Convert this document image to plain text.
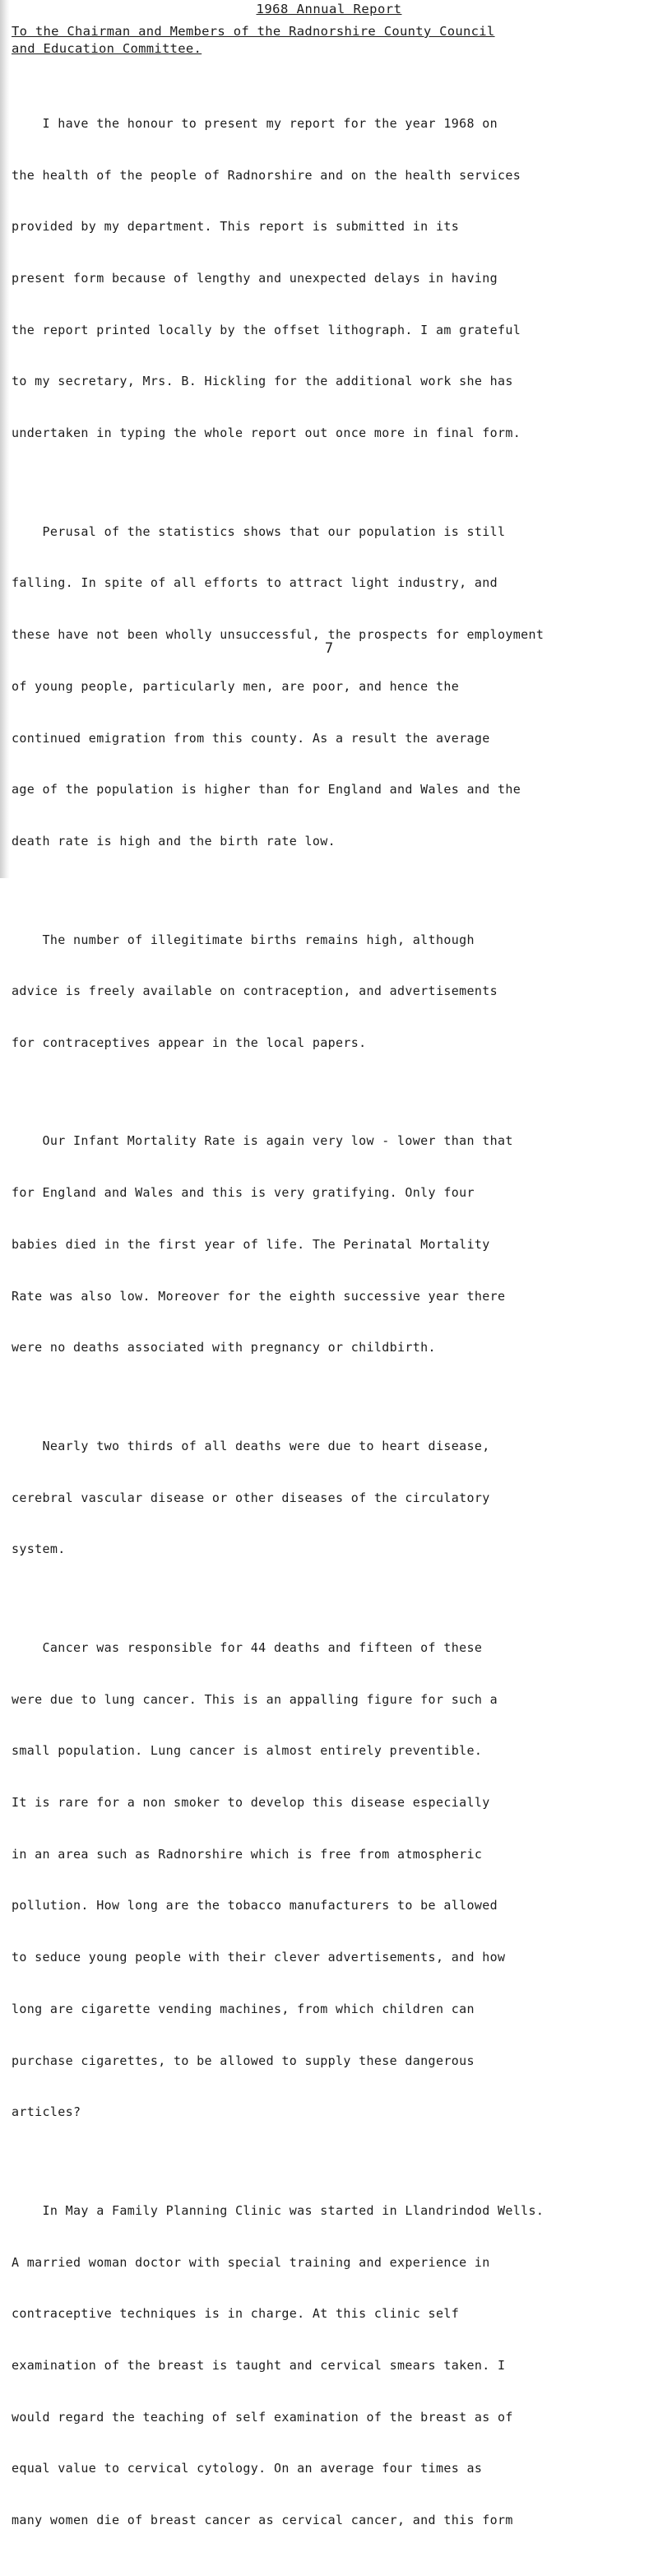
1968 Annual Report
To the Chairman and Members of the Radnorshire County Council
and Education Committee.

I have the honour to present my report for the year 1968 on

the health of the people of Radnorshire and on the health services

provided by my department. This report is submitted in its

present form because of lengthy and unexpected delays in having

the report printed locally by the offset lithograph. I am grateful

to my secretary, Mrs. B. Hickling for the additional work she has

undertaken in typing the whole report out once more in final form.

Perusal of the statistics shows that our population is still

falling. In spite of all efforts to attract light industry, and

these have not been wholly unsuccessful, the prospects for employment

of young people, particularly men, are poor, and hence the

continued emigration from this county. As a result the average

age of the population is higher than for England and Wales and the

death rate is high and the birth rate low.

The number of illegitimate births remains high, although

advice is freely available on contraception, and advertisements

for contraceptives appear in the local papers.

Our Infant Mortality Rate is again very low - lower than that

for England and Wales and this is very gratifying. Only four

babies died in the first year of life. The Perinatal Mortality

Rate was also low. Moreover for the eighth successive year there

were no deaths associated with pregnancy or childbirth.

Nearly two thirds of all deaths were due to heart disease,

cerebral vascular disease or other diseases of the circulatory

system.

Cancer was responsible for 44 deaths and fifteen of these

were due to lung cancer. This is an appalling figure for such a

small population. Lung cancer is almost entirely preventible.

It is rare for a non smoker to develop this disease especially

in an area such as Radnorshire which is free from atmospheric

pollution. How long are the tobacco manufacturers to be allowed

to seduce young people with their clever advertisements, and how

long are cigarette vending machines, from which children can

purchase cigarettes, to be allowed to supply these dangerous

articles?

In May a Family Planning Clinic was started in Llandrindod Wells.

A married woman doctor with special training and experience in

contraceptive techniques is in charge. At this clinic self

examination of the breast is taught and cervical smears taken. I

would regard the teaching of self examination of the breast as of

equal value to cervical cytology. On an average four times as

many women die of breast cancer as cervical cancer, and this form

7
